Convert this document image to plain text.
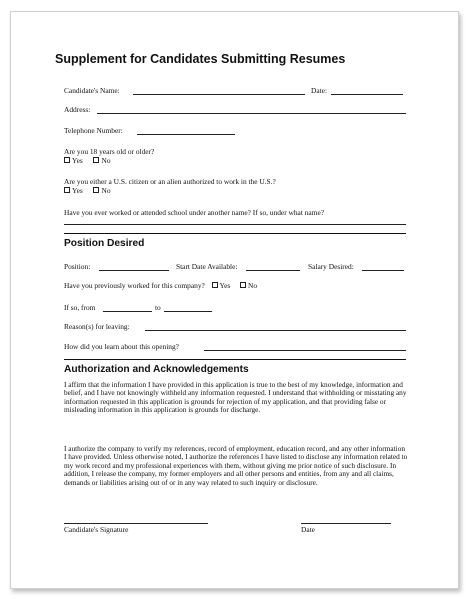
Supplement for Candidates Submitting Resumes
Candidate's Name:	Date:
Address:
Telephone Number:
Are you 18 years old or older?
Yes	No
Are you either a U.S. citizen or an alien authorized to work in the U.S.?
Yes	No
Have you ever worked or attended school under another name? If so, under what name?
Position Desired
Position:	Start Date Available:	Salary Desired:
Have you previously worked for this company? Yes No
If so, from	to
Reason(s) for leaving:
How did you learn about this opening?
Authorization and Acknowledgements
I affirm that the information I have provided in this application is true to the best of my knowledge, information and belief, and I have not knowingly withheld any information requested. I understand that withholding or misstating any information requested in this application is grounds for rejection of my application, and that providing false or misleading information in this application is grounds for discharge.
I authorize the company to verify my references, record of employment, education record, and any other information I have provided. Unless otherwise noted, I authorize the references I have listed to disclose any information related to my work record and my professional experiences with them, without giving me prior notice of such disclosure. In addition, I release the company, my former employers and all other persons and entities, from any and all claims, demands or liabilities arising out of or in any way related to such inquiry or disclosure.
Candidate's Signature	Date
